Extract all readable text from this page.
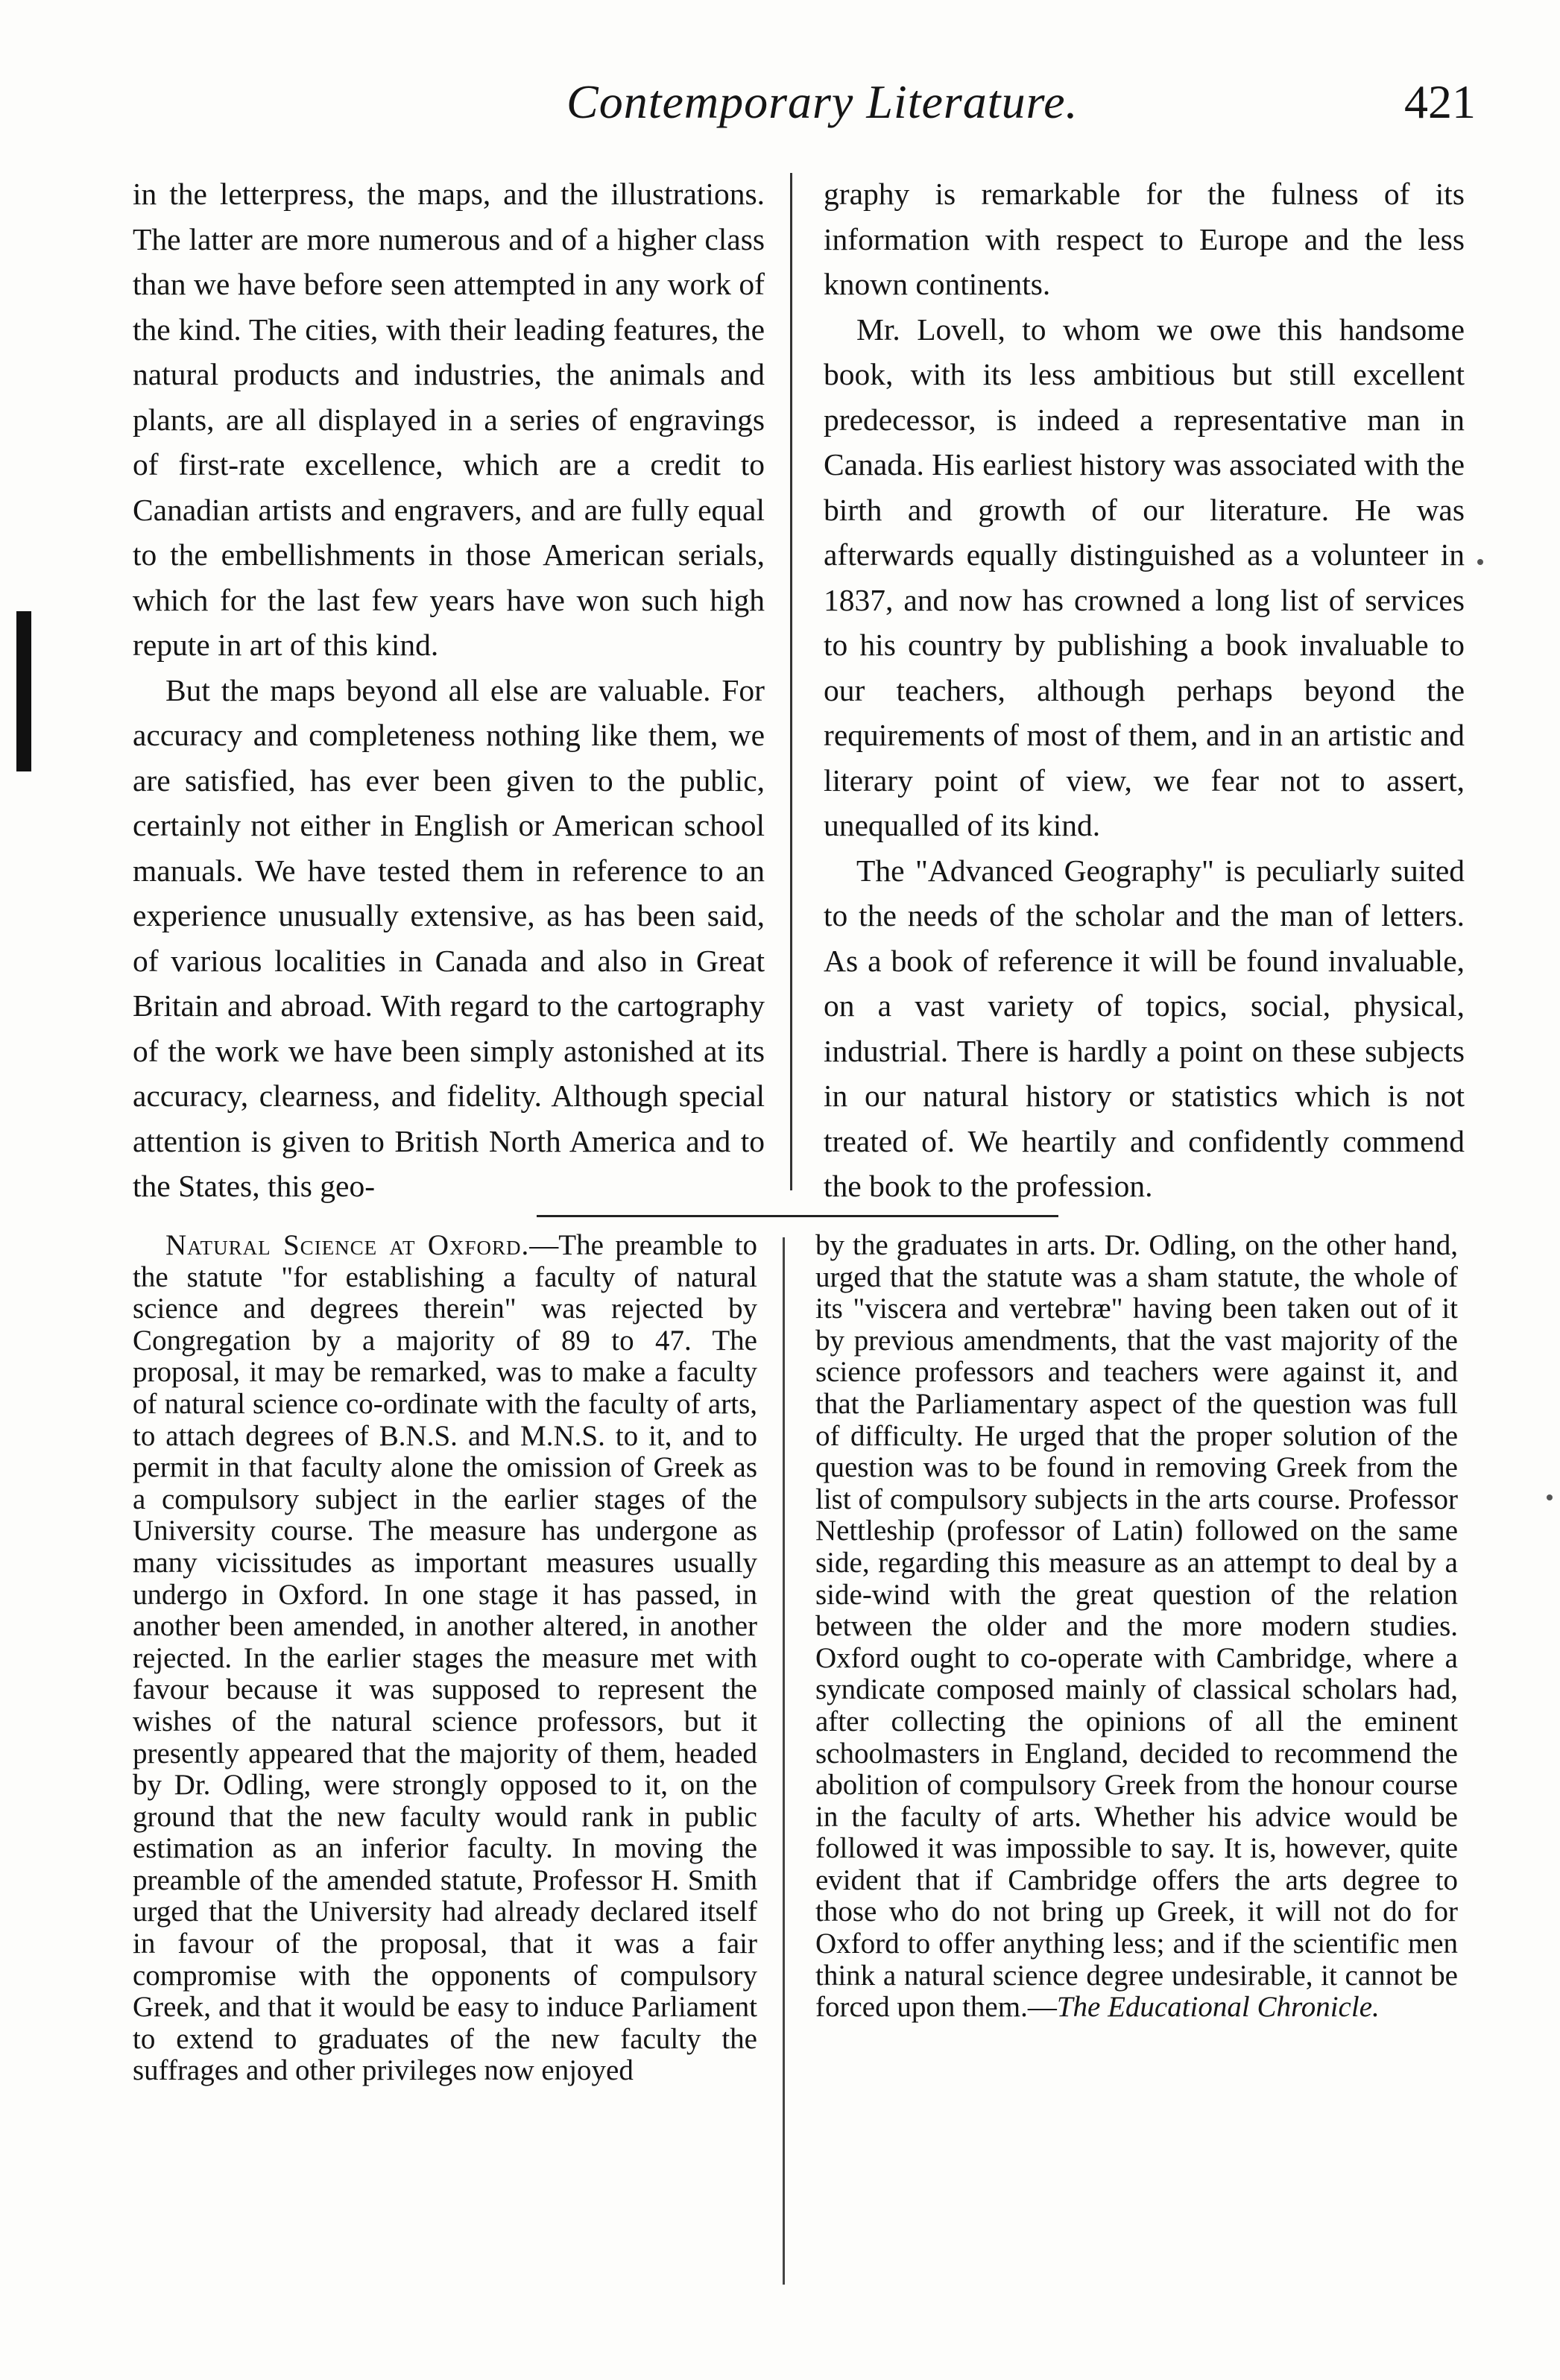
Contemporary Literature.	421

in the letterpress, the maps, and the illustrations. The latter are more numerous and of a higher class than we have before seen attempted in any work of the kind. The cities, with their leading features, the natural products and industries, the animals and plants, are all displayed in a series of engravings of first-rate excellence, which are a credit to Canadian artists and engravers, and are fully equal to the embellishments in those American serials, which for the last few years have won such high repute in art of this kind.

But the maps beyond all else are valuable. For accuracy and completeness nothing like them, we are satisfied, has ever been given to the public, certainly not either in English or American school manuals. We have tested them in reference to an experience unusually extensive, as has been said, of various localities in Canada and also in Great Britain and abroad. With regard to the cartography of the work we have been simply astonished at its accuracy, clearness, and fidelity. Although special attention is given to British North America and to the States, this geo-

graphy is remarkable for the fulness of its information with respect to Europe and the less known continents.

Mr. Lovell, to whom we owe this handsome book, with its less ambitious but still excellent predecessor, is indeed a representative man in Canada. His earliest history was associated with the birth and growth of our literature. He was afterwards equally distinguished as a volunteer in 1837, and now has crowned a long list of services to his country by publishing a book invaluable to our teachers, although perhaps beyond the requirements of most of them, and in an artistic and literary point of view, we fear not to assert, unequalled of its kind.

The "Advanced Geography" is peculiarly suited to the needs of the scholar and the man of letters. As a book of reference it will be found invaluable, on a vast variety of topics, social, physical, industrial. There is hardly a point on these subjects in our natural history or statistics which is not treated of. We heartily and confidently commend the book to the profession.

Natural Science at Oxford.—The preamble to the statute "for establishing a faculty of natural science and degrees therein" was rejected by Congregation by a majority of 89 to 47. The proposal, it may be remarked, was to make a faculty of natural science co-ordinate with the faculty of arts, to attach degrees of B.N.S. and M.N.S. to it, and to permit in that faculty alone the omission of Greek as a compulsory subject in the earlier stages of the University course. The measure has undergone as many vicissitudes as important measures usually undergo in Oxford. In one stage it has passed, in another been amended, in another altered, in another rejected. In the earlier stages the measure met with favour because it was supposed to represent the wishes of the natural science professors, but it presently appeared that the majority of them, headed by Dr. Odling, were strongly opposed to it, on the ground that the new faculty would rank in public estimation as an inferior faculty. In moving the preamble of the amended statute, Professor H. Smith urged that the University had already declared itself in favour of the proposal, that it was a fair compromise with the opponents of compulsory Greek, and that it would be easy to induce Parliament to extend to graduates of the new faculty the suffrages and other privileges now enjoyed

by the graduates in arts. Dr. Odling, on the other hand, urged that the statute was a sham statute, the whole of its "viscera and vertebræ" having been taken out of it by previous amendments, that the vast majority of the science professors and teachers were against it, and that the Parliamentary aspect of the question was full of difficulty. He urged that the proper solution of the question was to be found in removing Greek from the list of compulsory subjects in the arts course. Professor Nettleship (professor of Latin) followed on the same side, regarding this measure as an attempt to deal by a side-wind with the great question of the relation between the older and the more modern studies. Oxford ought to co-operate with Cambridge, where a syndicate composed mainly of classical scholars had, after collecting the opinions of all the eminent schoolmasters in England, decided to recommend the abolition of compulsory Greek from the honour course in the faculty of arts. Whether his advice would be followed it was impossible to say. It is, however, quite evident that if Cambridge offers the arts degree to those who do not bring up Greek, it will not do for Oxford to offer anything less; and if the scientific men think a natural science degree undesirable, it cannot be forced upon them.—The Educational Chronicle.
